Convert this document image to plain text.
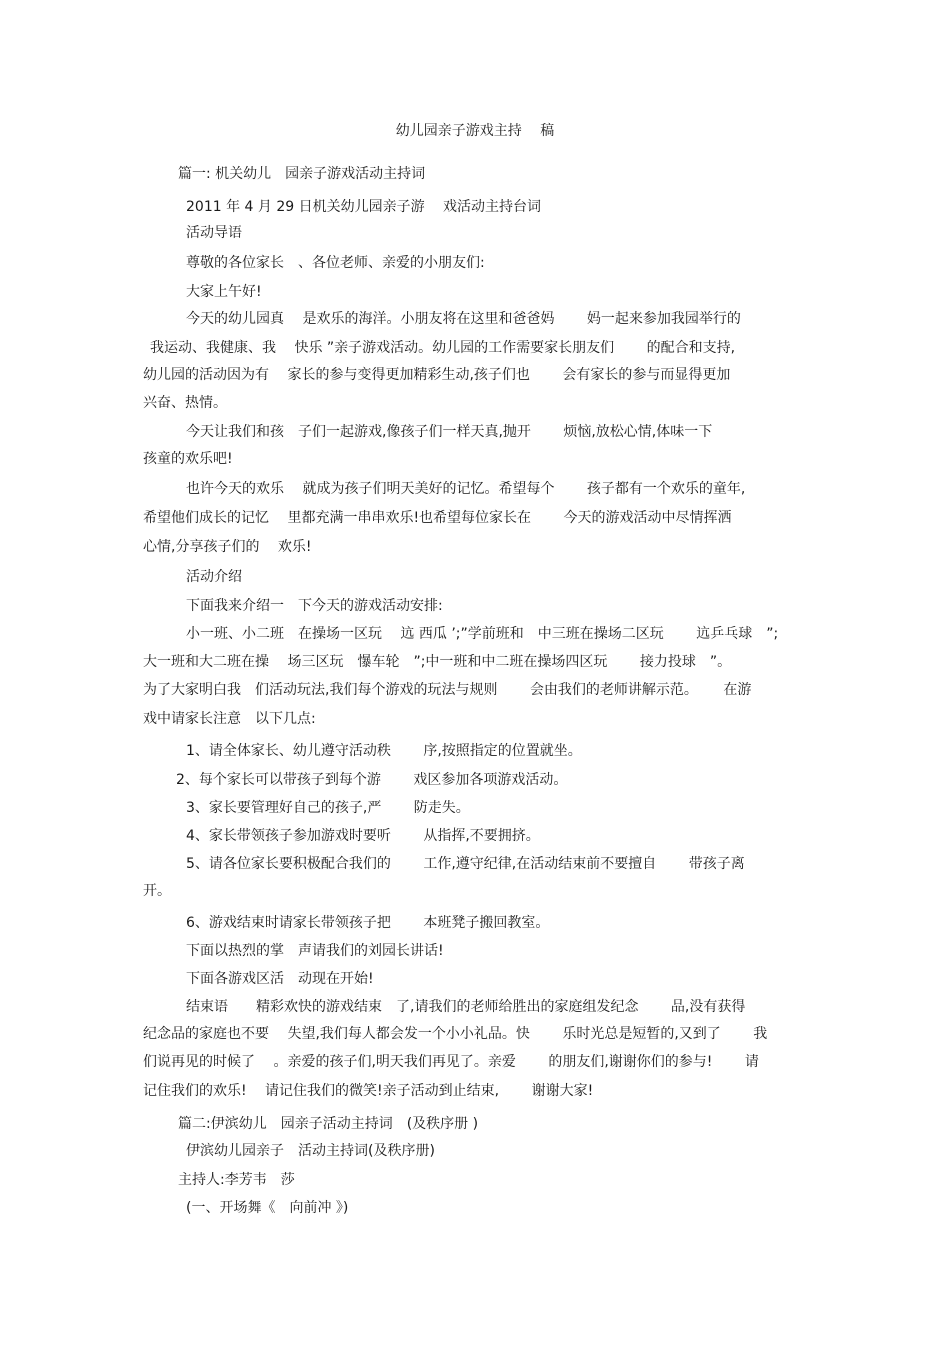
幼儿园亲子游戏主持　 稿
篇一: 机关幼儿　园亲子游戏活动主持词
2011 年 4 月 29 日机关幼儿园亲子游　 戏活动主持台词
活动导语
尊敬的各位家长　、各位老师、亲爱的小朋友们:
大家上午好!
今天的幼儿园真　 是欢乐的海洋。小朋友将在这里和爸爸妈　　 妈一起来参加我园举行的
我运动、我健康、我　 快乐 ”亲子游戏活动。幼儿园的工作需要家长朋友们　　 的配合和支持,
幼儿园的活动因为有　 家长的参与变得更加精彩生动,孩子们也　　 会有家长的参与而显得更加
兴奋、热情。
今天让我们和孩　子们一起游戏,像孩子们一样天真,抛开　　 烦恼,放松心情,体味一下
孩童的欢乐吧!
也许今天的欢乐　 就成为孩子们明天美好的记忆。希望每个　　 孩子都有一个欢乐的童年,
希望他们成长的记忆　 里都充满一串串欢乐!也希望每位家长在　　 今天的游戏活动中尽情挥洒
心情,分享孩子们的　 欢乐!
活动介绍
下面我来介绍一　下今天的游戏活动安排:
小一班、小二班　在操场一区玩　 迒 西瓜 ’;”学前班和　中三班在操场二区玩　　 迒乒乓球　”;
大一班和大二班在操　 场三区玩　懪车轮　”;中一班和中二班在操场四区玩　　 接力投球　”。
为了大家明白我　们活动玩法,我们每个游戏的玩法与规则　　 会由我们的老师讲解示范。　　 在游
戏中请家长注意　以下几点:
1、请全体家长、幼儿遵守活动秩　　 序,按照指定的位置就坐。
2、每个家长可以带孩子到每个游　　 戏区参加各项游戏活动。
3、家长要管理好自己的孩子,严　　 防走失。
4、家长带领孩子参加游戏时要听　　 从指挥,不要拥挤。
5、请各位家长要积极配合我们的　　 工作,遵守纪律,在活动结束前不要擅自　　 带孩子离
开。
6、游戏结束时请家长带领孩子把　　 本班凳子搬回教室。
下面以热烈的掌　声请我们的刘园长讲话!
下面各游戏区活　动现在开始!
结束语　　精彩欢快的游戏结束　了,请我们的老师给胜出的家庭组发纪念　　 品,没有获得
纪念品的家庭也不要　 失望,我们每人都会发一个小小礼品。快　　 乐时光总是短暂的,又到了　　 我
们说再见的时候了　 。亲爱的孩子们,明天我们再见了。亲爱　　 的朋友们,谢谢你们的参与!　　 请
记住我们的欢乐!　 请记住我们的微笑!亲子活动到止结束,　　 谢谢大家!
篇二:伊滨幼儿　园亲子活动主持词　(及秩序册 )
伊滨幼儿园亲子　活动主持词(及秩序册)
主持人:李芳韦　莎
(一、开场舞《　向前冲 》)
